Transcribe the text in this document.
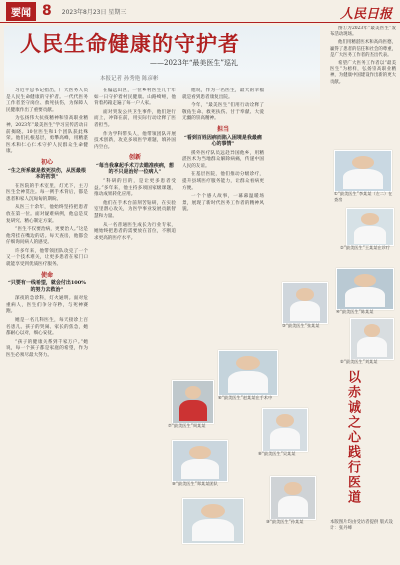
要闻 8 2023年8月23日 星期三	人民日报
人民生命健康的守护者
——2023年“最美医生”巡礼
本报记者 孙秀艳 陈彦彬

习近平总书记指出，广大医务人员是人民生命健康的守护者。一代代医务工作者坚守岗位、救死扶伤，为保障人民健康作出了重要贡献。

为弘扬伟大抗疫精神和崇高职业精神，2023年“最美医生”学习宣传活动日前揭晓。10位医生和1个团队获此殊荣。他们扎根基层，勇攀高峰，用精湛医术和仁心仁术守护人民群众生命健康。

初心
“生之所系就是救死扶伤，从医最根本的初衷”

在医院的手术室里，灯光下，主刀医生全神贯注。每一例手术背后，都是患者和家人沉甸甸的期盼。

从医三十余年，他始终坚持把患者放在第一位。面对疑难病例，他总是反复研究、精心制定方案。

“医生不仅要治病，更要治人。”这是他常挂在嘴边的话。每天查房，他都会仔细询问病人的感受。

许多年来，他带领团队攻克了一个又一个技术难关，让更多患者在家门口就能享受到优质医疗服务。

使命
“只要有一线希望，就会付出100%的努力去救治”

深夜的急诊科，灯火通明。面对危重病人，医生们争分夺秒，与死神赛跑。

她是一名儿科医生，每天接诊上百名患儿。孩子的哭闹、家长的焦急，她都耐心以对，细心安抚。

“孩子的健康关系到千家万户。”她说，每一个孩子都是家庭的希望，作为医生必须尽最大努力。

在偏远山区，一位乡村医生几十年如一日守护着村民健康。山路崎岖，他背着药箱走遍了每一户人家。

面对突发公共卫生事件，他们逆行而上，冲锋在前，用实际行动诠释了医者担当。

作为学科带头人，他带领团队开展技术创新，攻克多项医学难题，填补国内空白。

创新
“每当我拿起手术刀去瞄准疾病，想的不只是治好一位病人”

“科研的目的，是让更多患者受益。”多年来，他主持多项国家级课题，推动成果转化应用。

他们在手术台前刻苦钻研，在实验室里潜心攻关，为医学事业发展贡献智慧和力量。

从一名普通医生成长为行业专家，她始终把患者的需要放在首位，不断追求更高的医疗水平。

他说，作为一名医生，最大的幸福就是看到患者康复出院。

今年，“最美医生”们用行动诠释了敬佑生命、救死扶伤、甘于奉献、大爱无疆的崇高精神。

担当
“看到百姓因病而陷入困境是我最痛心的事情”

援外医疗队员远赴异国他乡，用精湛医术为当地群众解除病痛，传递中国人民的友谊。

在基层医院，他们推动分级诊疗，提升县域医疗服务能力，让群众看病更方便。

一个个感人故事，一幕幕温暖场景，展现了新时代医务工作者的精神风貌。

图①为2023年“最美医生”发布活动现场。

他们用精湛医术和高尚医德，赢得了患者的信任和社会的尊重，是广大医务工作者的杰出代表。

希望广大医务工作者以“最美医生”为榜样，弘扬崇高职业精神，为健康中国建设作出新的更大贡献。

①“最美医生”李某某（左二）在查房
②“最美医生”王某某在诊疗
③“最美医生”张某某
④“最美医生”陈某某
⑤“最美医生”刘某某
⑥“最美医生”赵某某在手术中
⑦“最美医生”周某某
⑧“最美医生”吴某某
⑨“最美医生”郑某某团队
⑩“最美医生”孙某某
以赤诚之心践行医道
本版图片均由受访者提供 版式设计：张丹峰
